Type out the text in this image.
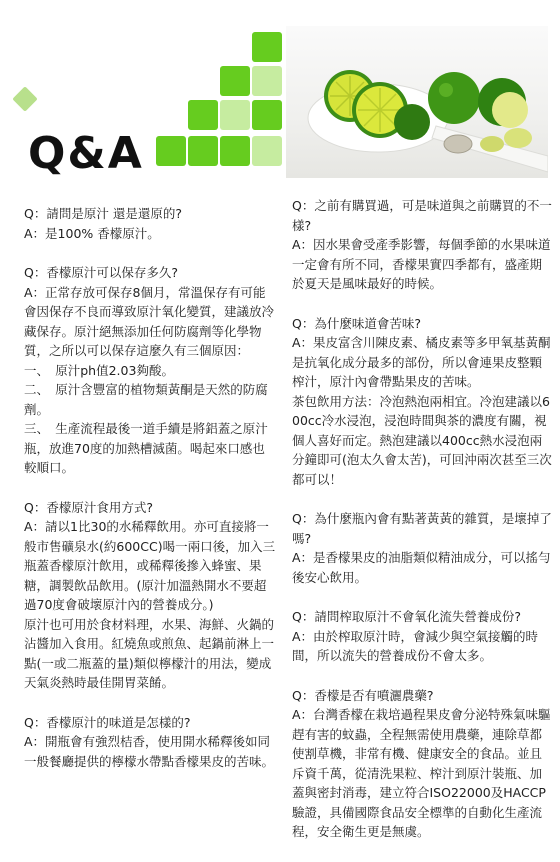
Q&A
Q：請問是原汁 還是還原的?
A：是100% 香檬原汁。
Q：香檬原汁可以保存多久?
A：正常存放可保存8個月，常溫保存有可能會因保存不良而導致原汁氧化變質，建議放冷藏保存。原汁絕無添加任何防腐劑等化學物質，之所以可以保存這麼久有三個原因：
一、　原汁ph值2.03夠酸。
二、　原汁含豐富的植物類黃酮是天然的防腐劑。
三、　生產流程最後一道手續是將鋁蓋之原汁瓶，放進70度的加熱槽滅菌。喝起來口感也較順口。
Q：香檬原汁食用方式?
A：請以1比30的水稀釋飲用。亦可直接將一般市售礦泉水(約600CC)喝一兩口後，加入三瓶蓋香檬原汁飲用，或稀釋後摻入蜂蜜、果糖，調製飲品飲用。(原汁加溫熱開水不要超過70度會破壞原汁內的營養成分。)
原汁也可用於食材料理，水果、海鮮、火鍋的沾醬加入食用。紅燒魚或煎魚、起鍋前淋上一點(一或二瓶蓋的量)類似檸檬汁的用法，變成天氣炎熱時最佳開胃菜餚。
Q：香檬原汁的味道是怎樣的?
A：開瓶會有強烈桔香，使用開水稀釋後如同一般餐廳提供的檸檬水帶點香檬果皮的苦味。
Q：之前有購買過，可是味道與之前購買的不一樣?
A：因水果會受產季影響，每個季節的水果味道一定會有所不同，香檬果實四季都有，盛產期於夏天是風味最好的時候。
Q：為什麼味道會苦味?
A：果皮富含川陳皮素、橘皮素等多甲氧基黃酮是抗氧化成分最多的部份，所以會連果皮整顆榨汁，原汁內會帶點果皮的苦味。
茶包飲用方法：冷泡熱泡兩相宜。冷泡建議以600cc冷水浸泡，浸泡時間與茶的濃度有關，視個人喜好而定。熱泡建議以400cc熱水浸泡兩分鐘即可(泡太久會太苦)，可回沖兩次甚至三次都可以！
Q：為什麼瓶內會有點著黃黃的雜質，是壞掉了嗎?
A：是香檬果皮的油脂類似精油成分，可以搖勻後安心飲用。
Q：請問榨取原汁不會氧化流失營養成份?
A：由於榨取原汁時，會減少與空氣接觸的時間，所以流失的營養成份不會太多。
Q：香檬是否有噴灑農藥?
A：台灣香檬在栽培過程果皮會分泌特殊氣味驅趕有害的蚊蟲，全程無需使用農藥，連除草都使割草機，非常有機、健康安全的食品。並且斥資千萬，從清洗果粒、榨汁到原汁裝瓶、加蓋與密封消毒，建立符合ISO22000及HACCP驗證，具備國際食品安全標準的自動化生產流程，安全衛生更是無虞。
